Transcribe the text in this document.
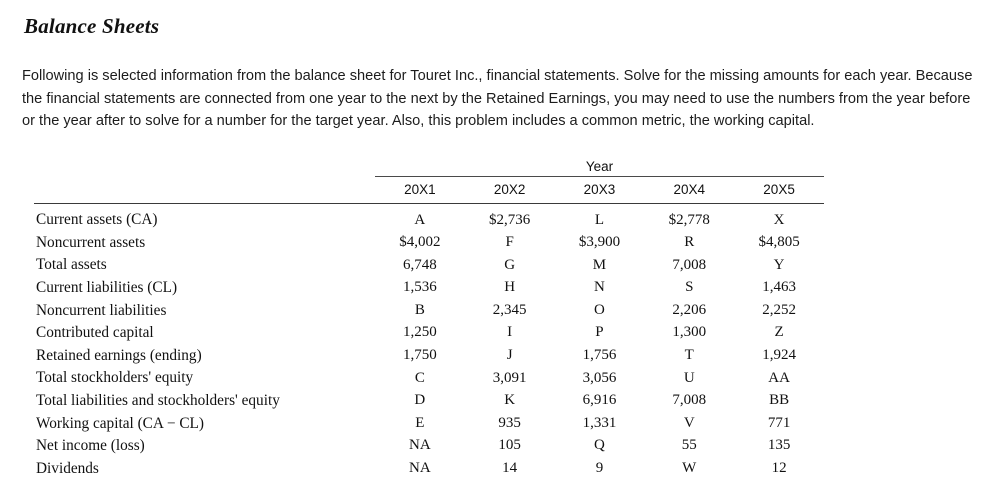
Balance Sheets
Following is selected information from the balance sheet for Touret Inc., financial statements. Solve for the missing amounts for each year. Because the financial statements are connected from one year to the next by the Retained Earnings, you may need to use the numbers from the year before or the year after to solve for a number for the target year. Also, this problem includes a common metric, the working capital.
	Year				

	20X1	20X2	20X3	20X4	20X5

Current assets (CA)	A	$2,736	L	$2,778	X
Noncurrent assets	$4,002	F	$3,900	R	$4,805
Total assets	6,748	G	M	7,008	Y
Current liabilities (CL)	1,536	H	N	S	1,463
Noncurrent liabilities	B	2,345	O	2,206	2,252
Contributed capital	1,250	I	P	1,300	Z
Retained earnings (ending)	1,750	J	1,756	T	1,924
Total stockholders' equity	C	3,091	3,056	U	AA
Total liabilities and stockholders' equity	D	K	6,916	7,008	BB
Working capital (CA − CL)	E	935	1,331	V	771
Net income (loss)	NA	105	Q	55	135
Dividends	NA	14	9	W	12
